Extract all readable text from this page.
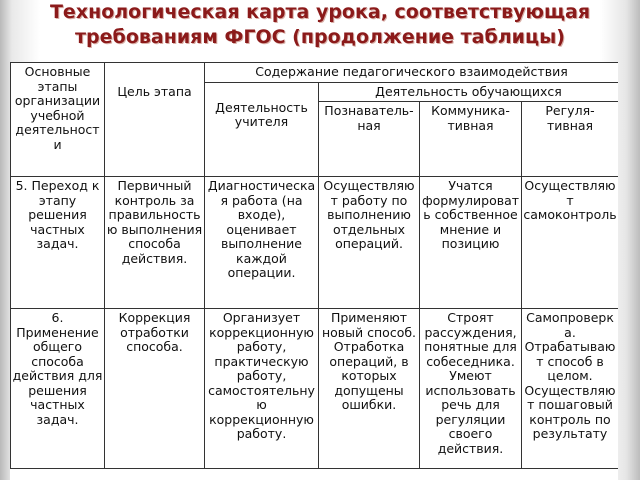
Технологическая карта урока, соответствующая
требованиям ФГОС (продолжение таблицы)
Основные этапы организации учебной деятельности	Цель этапа	Содержание педагогического взаимодействия			
		Деятельность учителя	Деятельность обучающихся		
			Познаватель-ная	Коммуника-тивная	Регуля-тивная
5. Переход к этапу решения частных задач.	Первичный контроль за правильностью выполнения способа действия.	Диагностическая работа (на входе), оценивает выполнение каждой операции.	Осуществляют работу по выполнению отдельных операций.	Учатся формулировать собственное мнение и позицию	Осуществляют самоконтроль
6. Применение общего способа действия для решения частных задач.	Коррекция отработки способа.	Организует коррекционную работу, практическую работу, самостоятельную коррекционную работу.	Применяют новый способ. Отработка операций, в которых допущены ошибки.	Строят рассуждения, понятные для собеседника. Умеют использовать речь для регуляции своего действия.	Самопроверка. Отрабатывают способ в целом. Осуществляют пошаговый контроль по результату
